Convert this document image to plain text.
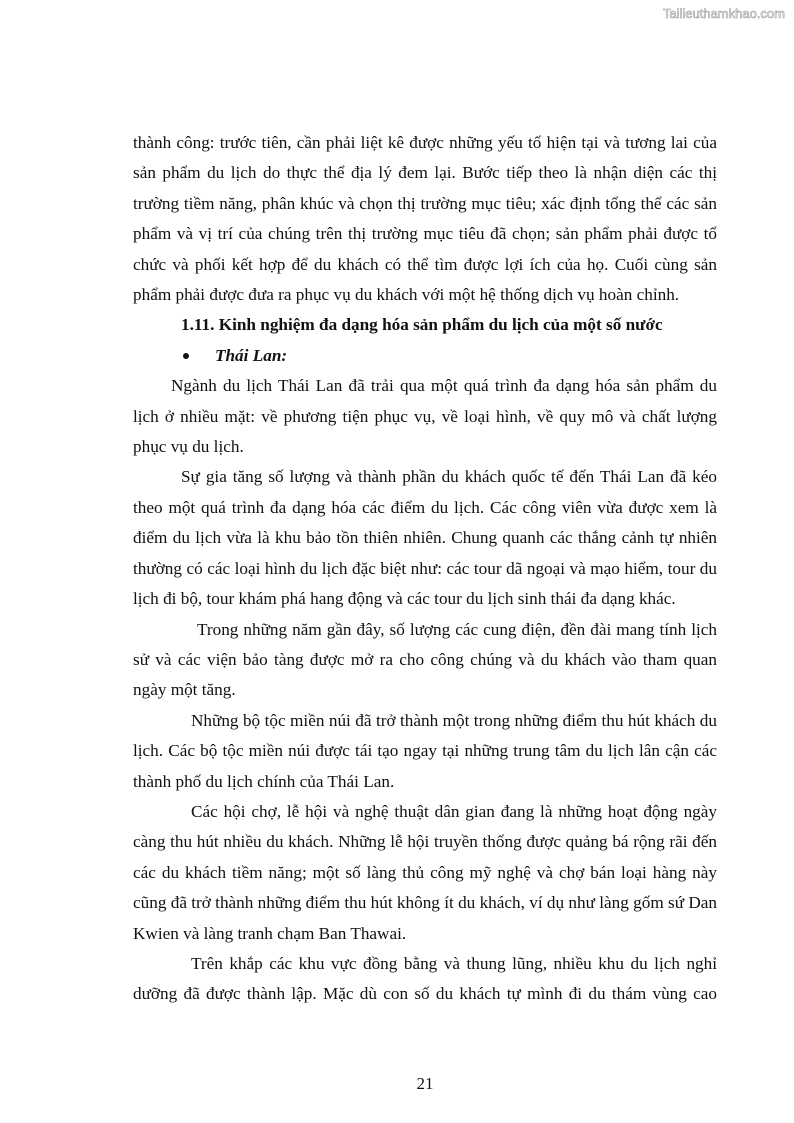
Tailieuthamkhao.com

thành công: trước tiên, cần phải liệt kê được những yếu tố hiện tại và tương lai của sản phẩm du lịch do thực thể địa lý đem lại. Bước tiếp theo là nhận diện các thị trường tiềm năng, phân khúc và chọn thị trường mục tiêu; xác định tổng thể các sản phẩm và vị trí của chúng trên thị trường mục tiêu đã chọn; sản phẩm phải được tổ chức và phối kết hợp để du khách có thể tìm được lợi ích của họ. Cuối cùng sản phẩm phải được đưa ra phục vụ du khách với một hệ thống dịch vụ hoàn chỉnh.

1.11. Kinh nghiệm đa dạng hóa sản phẩm du lịch của một số nước

Thái Lan:

Ngành du lịch Thái Lan đã trải qua một quá trình đa dạng hóa sản phẩm du lịch ở nhiều mặt: về phương tiện phục vụ, về loại hình, về quy mô và chất lượng phục vụ du lịch.

Sự gia tăng số lượng và thành phần du khách quốc tế đến Thái Lan đã kéo theo một quá trình đa dạng hóa các điểm du lịch. Các công viên vừa được xem là điểm du lịch vừa là khu bảo tồn thiên nhiên. Chung quanh các thắng cảnh tự nhiên thường có các loại hình du lịch đặc biệt như: các tour dã ngoại và mạo hiểm, tour du lịch đi bộ, tour khám phá hang động và các tour du lịch sinh thái đa dạng khác.

Trong những năm gần đây, số lượng các cung điện, đền đài mang tính lịch sử và các viện bảo tàng được mở ra cho công chúng và du khách vào tham quan ngày một tăng.

Những bộ tộc miền núi đã trở thành một trong những điểm thu hút khách du lịch. Các bộ tộc miền núi được tái tạo ngay tại những trung tâm du lịch lân cận các thành phố du lịch chính của Thái Lan.

Các hội chợ, lễ hội và nghệ thuật dân gian đang là những hoạt động ngày càng thu hút nhiều du khách. Những lễ hội truyền thống được quảng bá rộng rãi đến các du khách tiềm năng; một số làng thủ công mỹ nghệ và chợ bán loại hàng này cũng đã trở thành những điểm thu hút không ít du khách, ví dụ như làng gốm sứ Dan Kwien và làng tranh chạm Ban Thawai.

Trên khắp các khu vực đồng bằng và thung lũng, nhiều khu du lịch nghỉ dưỡng đã được thành lập. Mặc dù con số du khách tự mình đi du thám vùng cao

21
